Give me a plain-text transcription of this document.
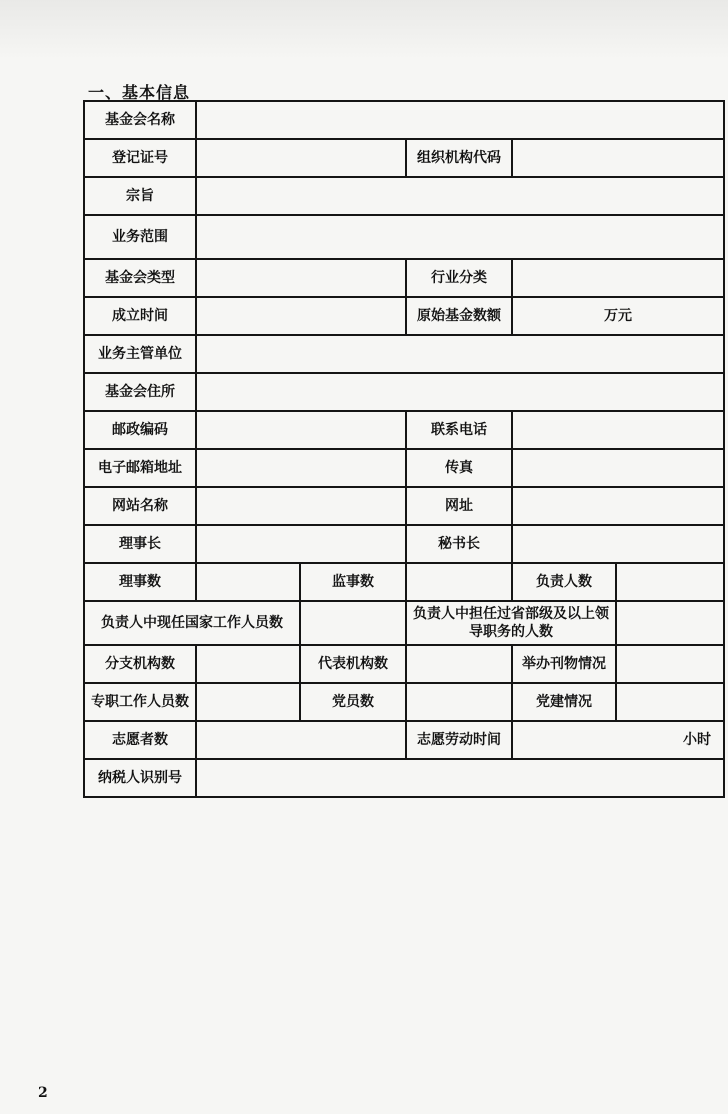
一、基本信息
基金会名称					
登记证号			组织机构代码		
宗旨					
业务范围					
基金会类型			行业分类		
成立时间			原始基金数额	万元	
业务主管单位					
基金会住所					
邮政编码			联系电话		
电子邮箱地址			传真		
网站名称			网址		
理事长			秘书长		
理事数		监事数		负责人数	
负责人中现任国家工作人员数			负责人中担任过省部级及以上领导职务的人数		
分支机构数		代表机构数		举办刊物情况	
专职工作人员数		党员数		党建情况	
志愿者数			志愿劳动时间	小时	
纳税人识别号					
2
